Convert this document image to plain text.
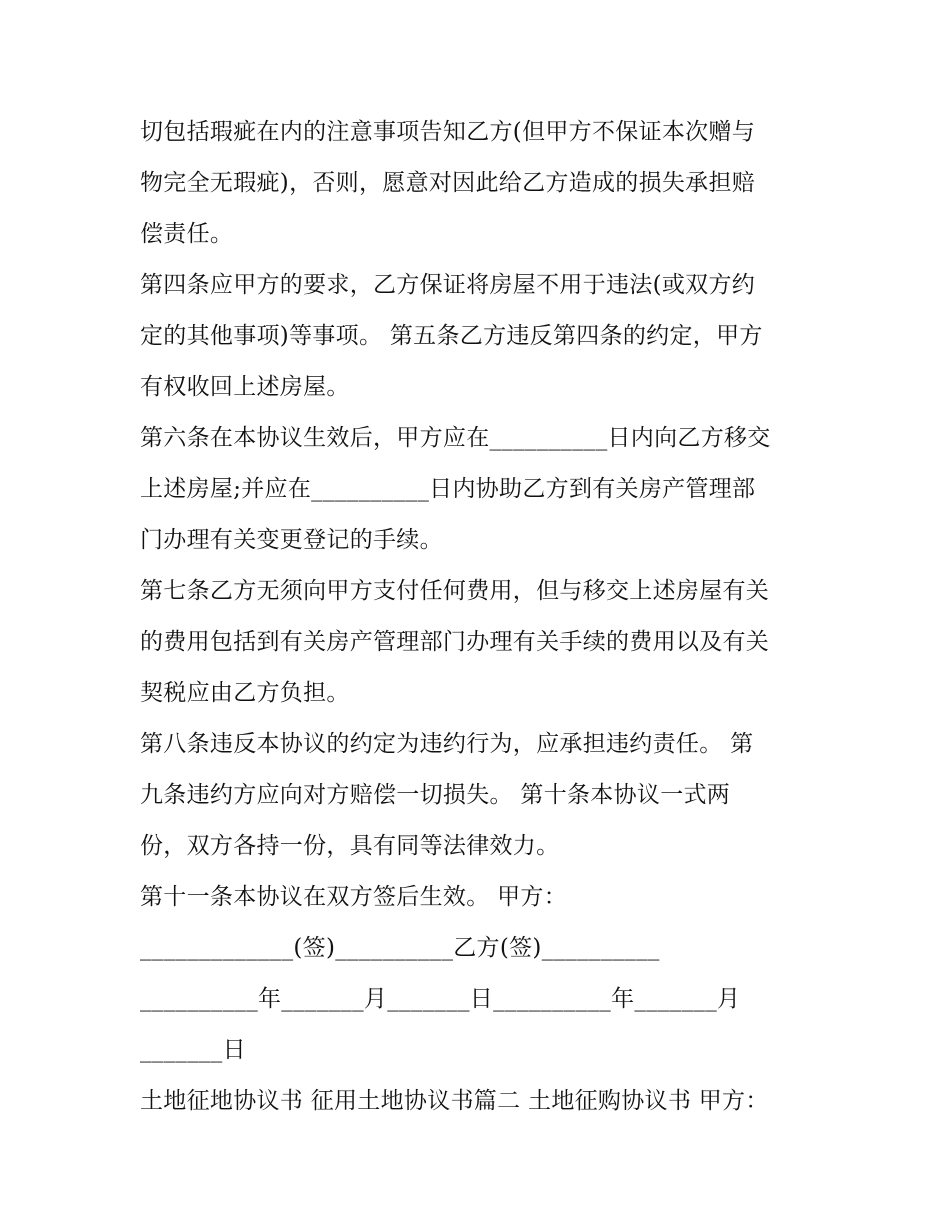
切包括瑕疵在内的注意事项告知乙方(但甲方不保证本次赠与
物完全无瑕疵)，否则，愿意对因此给乙方造成的损失承担赔
偿责任。
第四条应甲方的要求，乙方保证将房屋不用于违法(或双方约
定的其他事项)等事项。 第五条乙方违反第四条的约定，甲方
有权收回上述房屋。
第六条在本协议生效后，甲方应在__________日内向乙方移交
上述房屋;并应在__________日内协助乙方到有关房产管理部
门办理有关变更登记的手续。
第七条乙方无须向甲方支付任何费用，但与移交上述房屋有关
的费用包括到有关房产管理部门办理有关手续的费用以及有关
契税应由乙方负担。
第八条违反本协议的约定为违约行为，应承担违约责任。 第
九条违约方应向对方赔偿一切损失。 第十条本协议一式两
份，双方各持一份，具有同等法律效力。
第十一条本协议在双方签后生效。 甲方：
_____________(签)__________乙方(签)__________
__________年_______月_______日__________年_______月
_______日
土地征地协议书 征用土地协议书篇二 土地征购协议书 甲方：
